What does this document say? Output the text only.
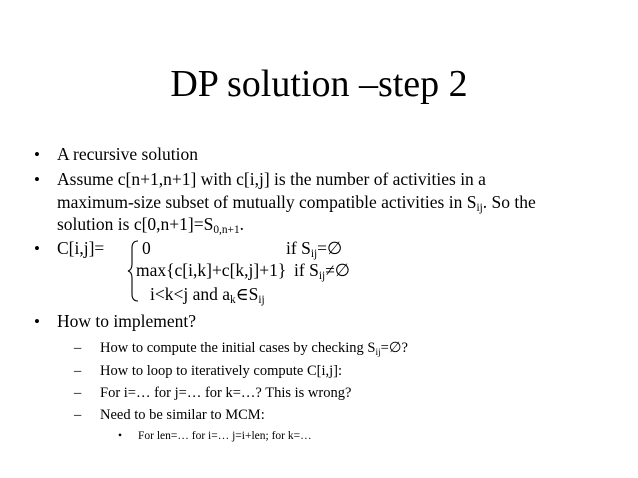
DP solution –step 2
• A recursive solution
• Assume c[n+1,n+1] with c[i,j] is the number of activities in a
maximum-size subset of mutually compatible activities in $S_{ij}$. So the
solution is $c[0,n+1]=S_{0,n+1}$.
• C[i,j]= 0	if $S_{ij}=\emptyset$
max{c[i,k]+c[k,j]+1} if $S_{ij}\ne\emptyset$
i<k<j and $a_k\in S_{ij}$
• How to implement?
– How to compute the initial cases by checking $S_{ij}=\emptyset$?
– How to loop to iteratively compute C[i,j]:
– For i=… for j=… for k=…? This is wrong?
– Need to be similar to MCM:
• For len=… for i=… j=i+len; for k=…
